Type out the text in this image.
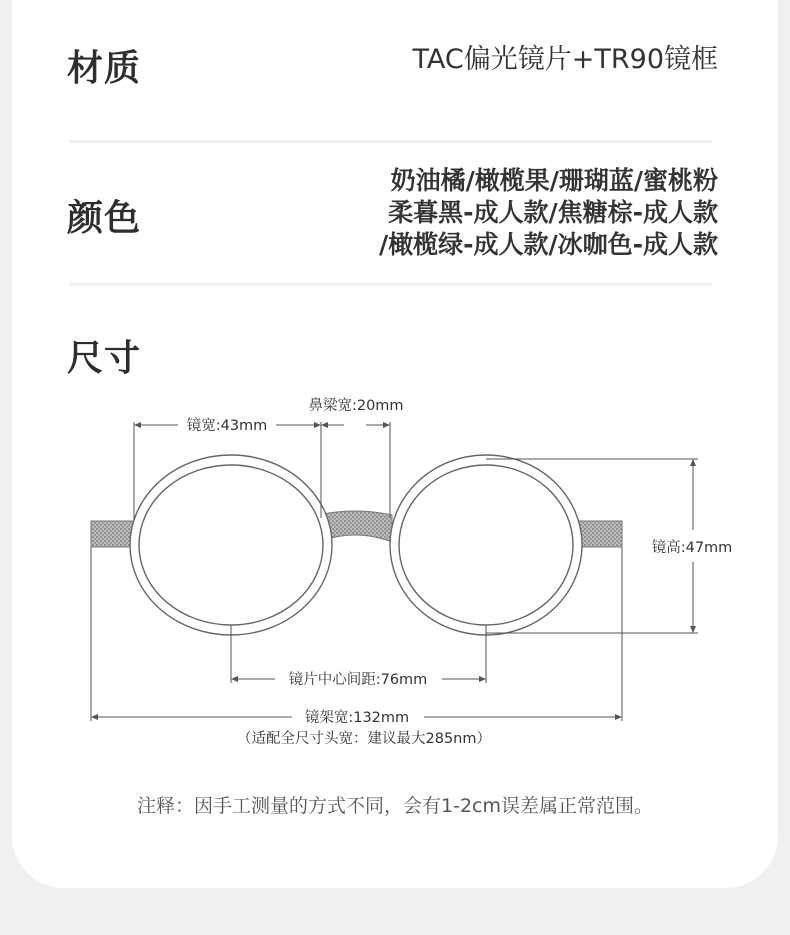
材质	TAC偏光镜片+TR90镜框
颜色
奶油橘/橄榄果/珊瑚蓝/蜜桃粉
柔暮黑-成人款/焦糖棕-成人款
/橄榄绿-成人款/冰咖色-成人款
尺寸
注释：因手工测量的方式不同，会有1-2cm误差属正常范围。
鼻梁宽:20mm
镜宽:43mm
镜高:47mm
镜片中心间距:76mm
镜架宽:132mm
（适配全尺寸头宽：建议最大285nm）
